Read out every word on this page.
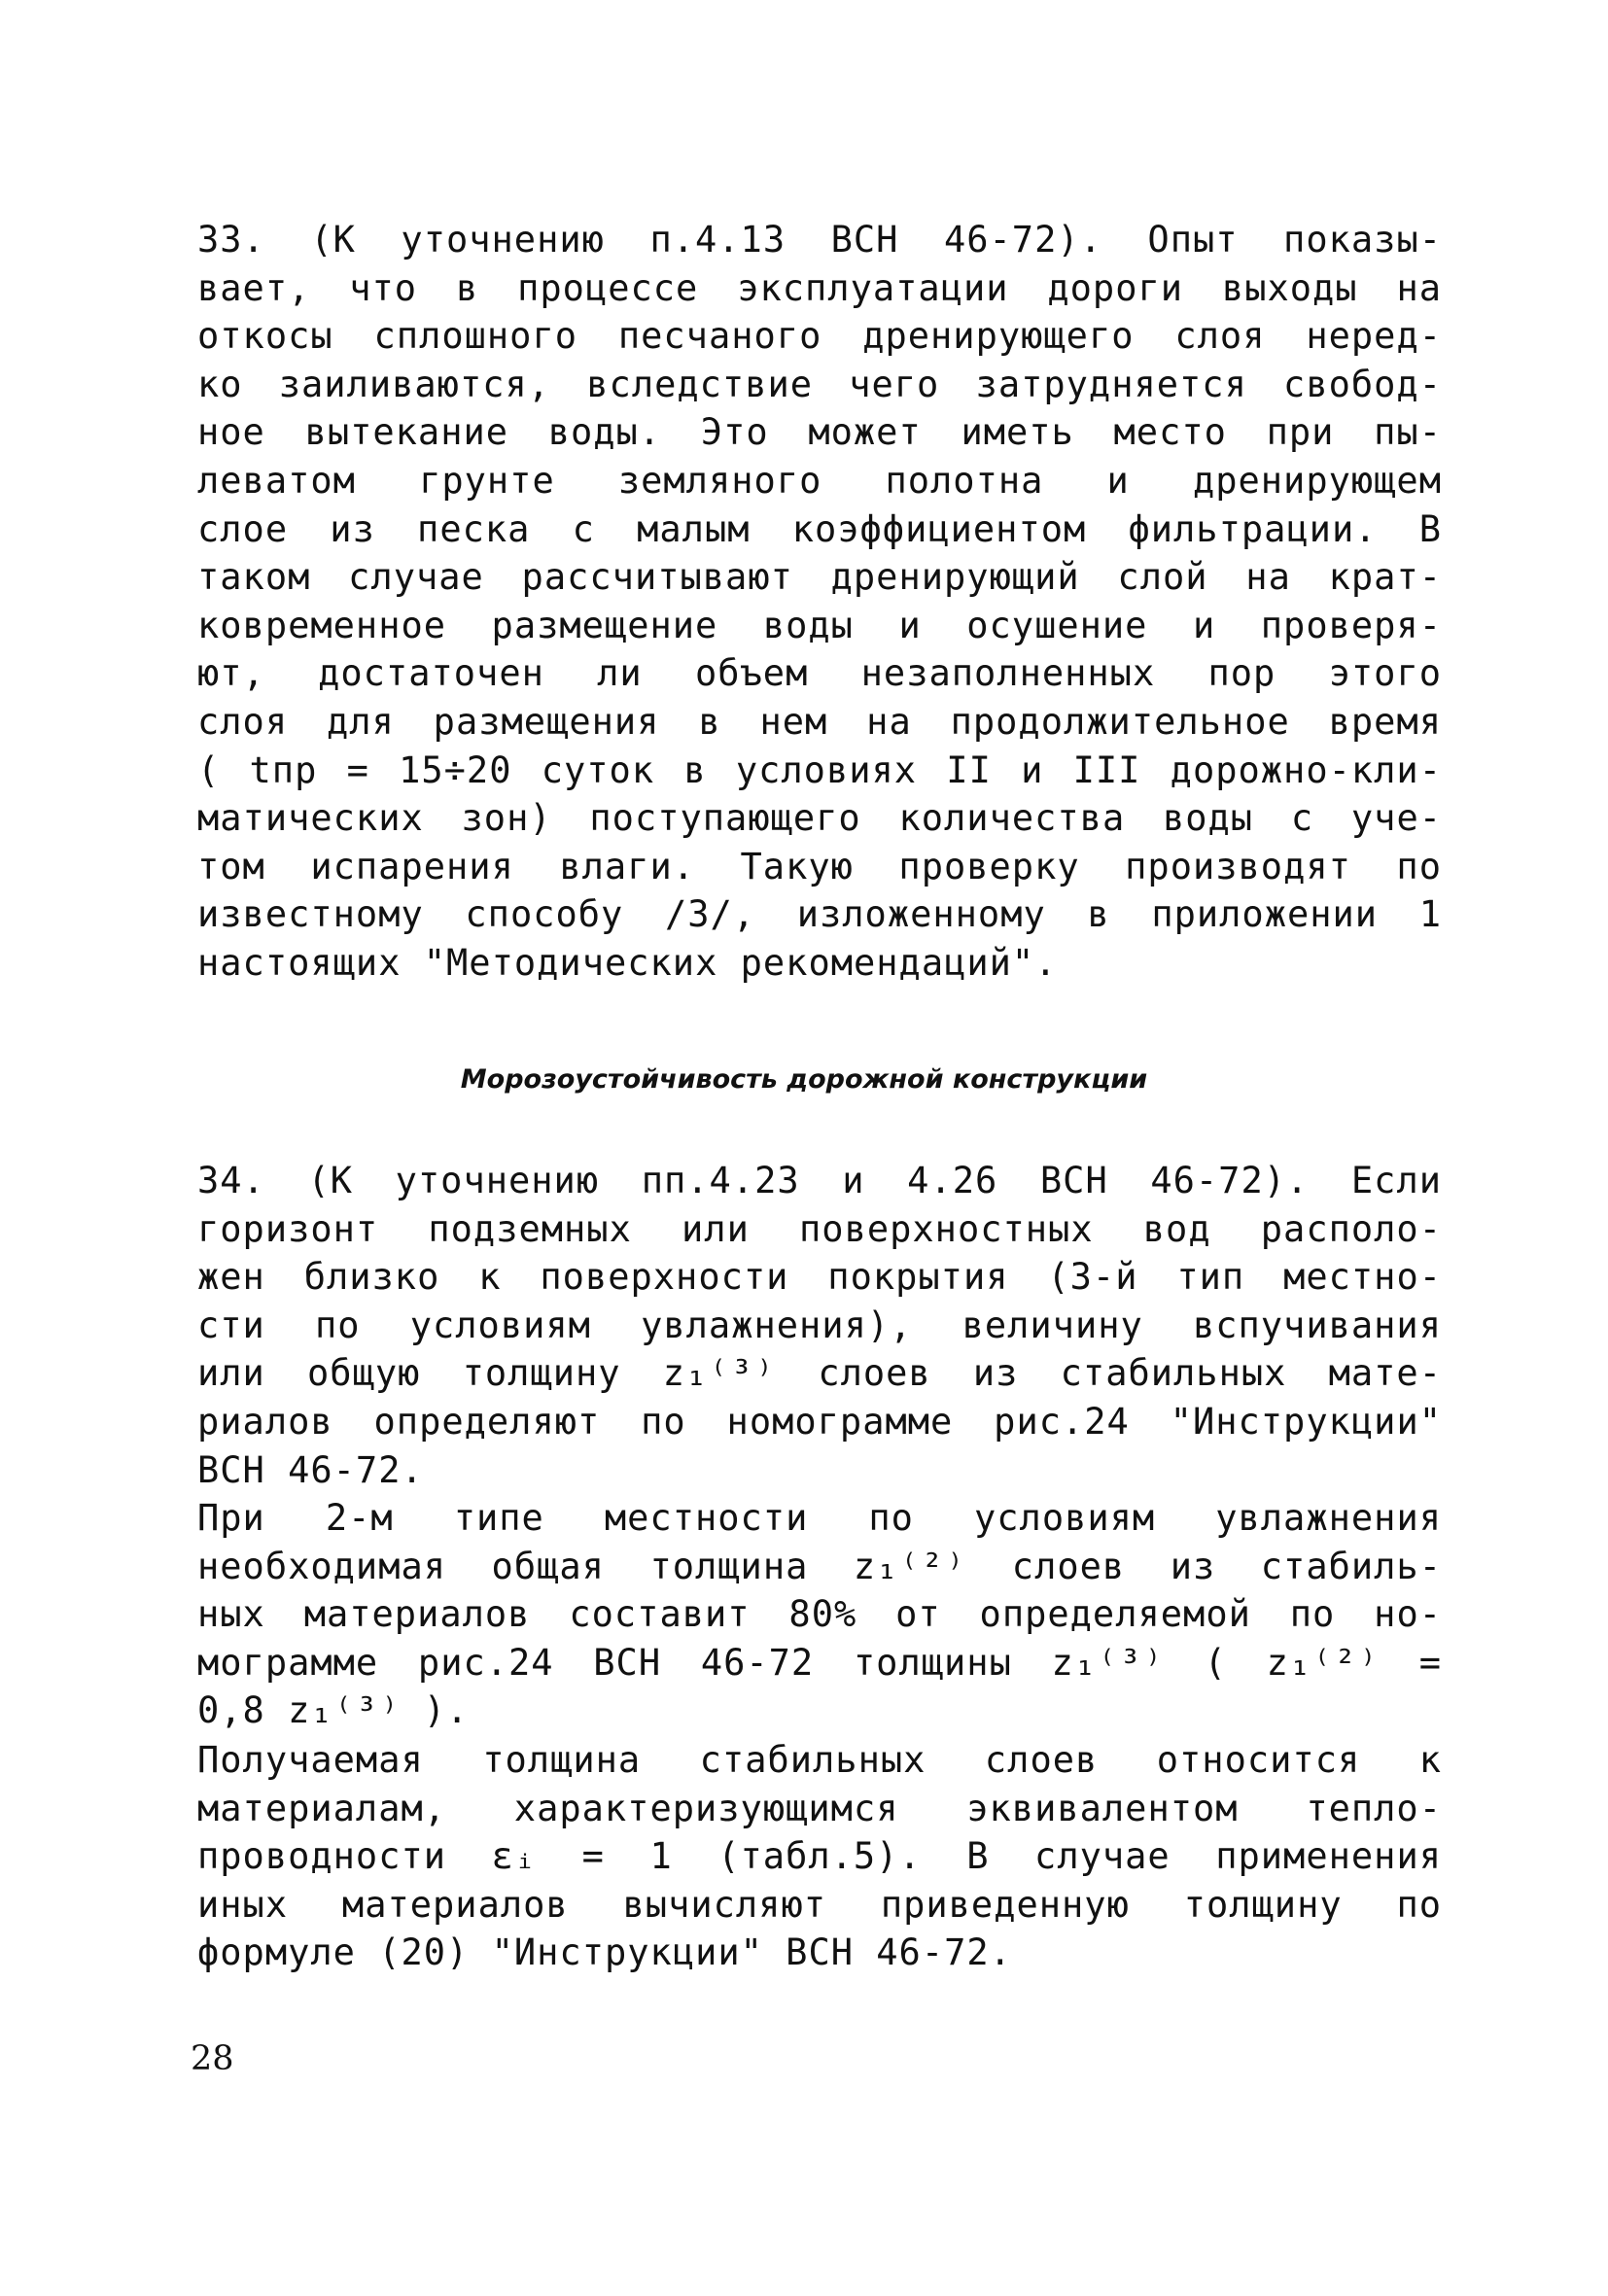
33. (К уточнению п.4.13 ВСН 46-72). Опыт показы-
вает, что в процессе эксплуатации дороги выходы на
откосы сплошного песчаного дренирующего слоя неред-
ко заиливаются, вследствие чего затрудняется свобод-
ное вытекание воды. Это может иметь место при пы-
леватом грунте земляного полотна и дренирующем
слое из песка с малым коэффициентом фильтрации. В
таком случае рассчитывают дренирующий слой на крат-
ковременное размещение воды и осушение и проверя-
ют, достаточен ли объем незаполненных пор этого
слоя для размещения в нем на продолжительное время
( tпр = 15÷20 суток в условиях II и III дорожно-кли-
матических зон) поступающего количества воды с уче-
том испарения влаги. Такую проверку производят по
известному способу /3/, изложенному в приложении 1
настоящих "Методических рекомендаций".

Морозоустойчивость дорожной конструкции

34. (К уточнению пп.4.23 и 4.26 ВСН 46-72). Если
горизонт подземных или поверхностных вод располо-
жен близко к поверхности покрытия (3-й тип местно-
сти по условиям увлажнения), величину вспучивания
или общую толщину z₁⁽³⁾ слоев из стабильных мате-
риалов определяют по номограмме рис.24 "Инструкции"
ВСН 46-72.

При 2-м типе местности по условиям увлажнения
необходимая общая толщина z₁⁽²⁾ слоев из стабиль-
ных материалов составит 80% от определяемой по но-
мограмме рис.24 ВСН 46-72 толщины z₁⁽³⁾ ( z₁⁽²⁾ =
0,8 z₁⁽³⁾ ).

Получаемая толщина стабильных слоев относится к
материалам, характеризующимся эквивалентом тепло-
проводности εᵢ = 1 (табл.5). В случае применения
иных материалов вычисляют приведенную толщину по
формуле (20) "Инструкции" ВСН 46-72.

28
